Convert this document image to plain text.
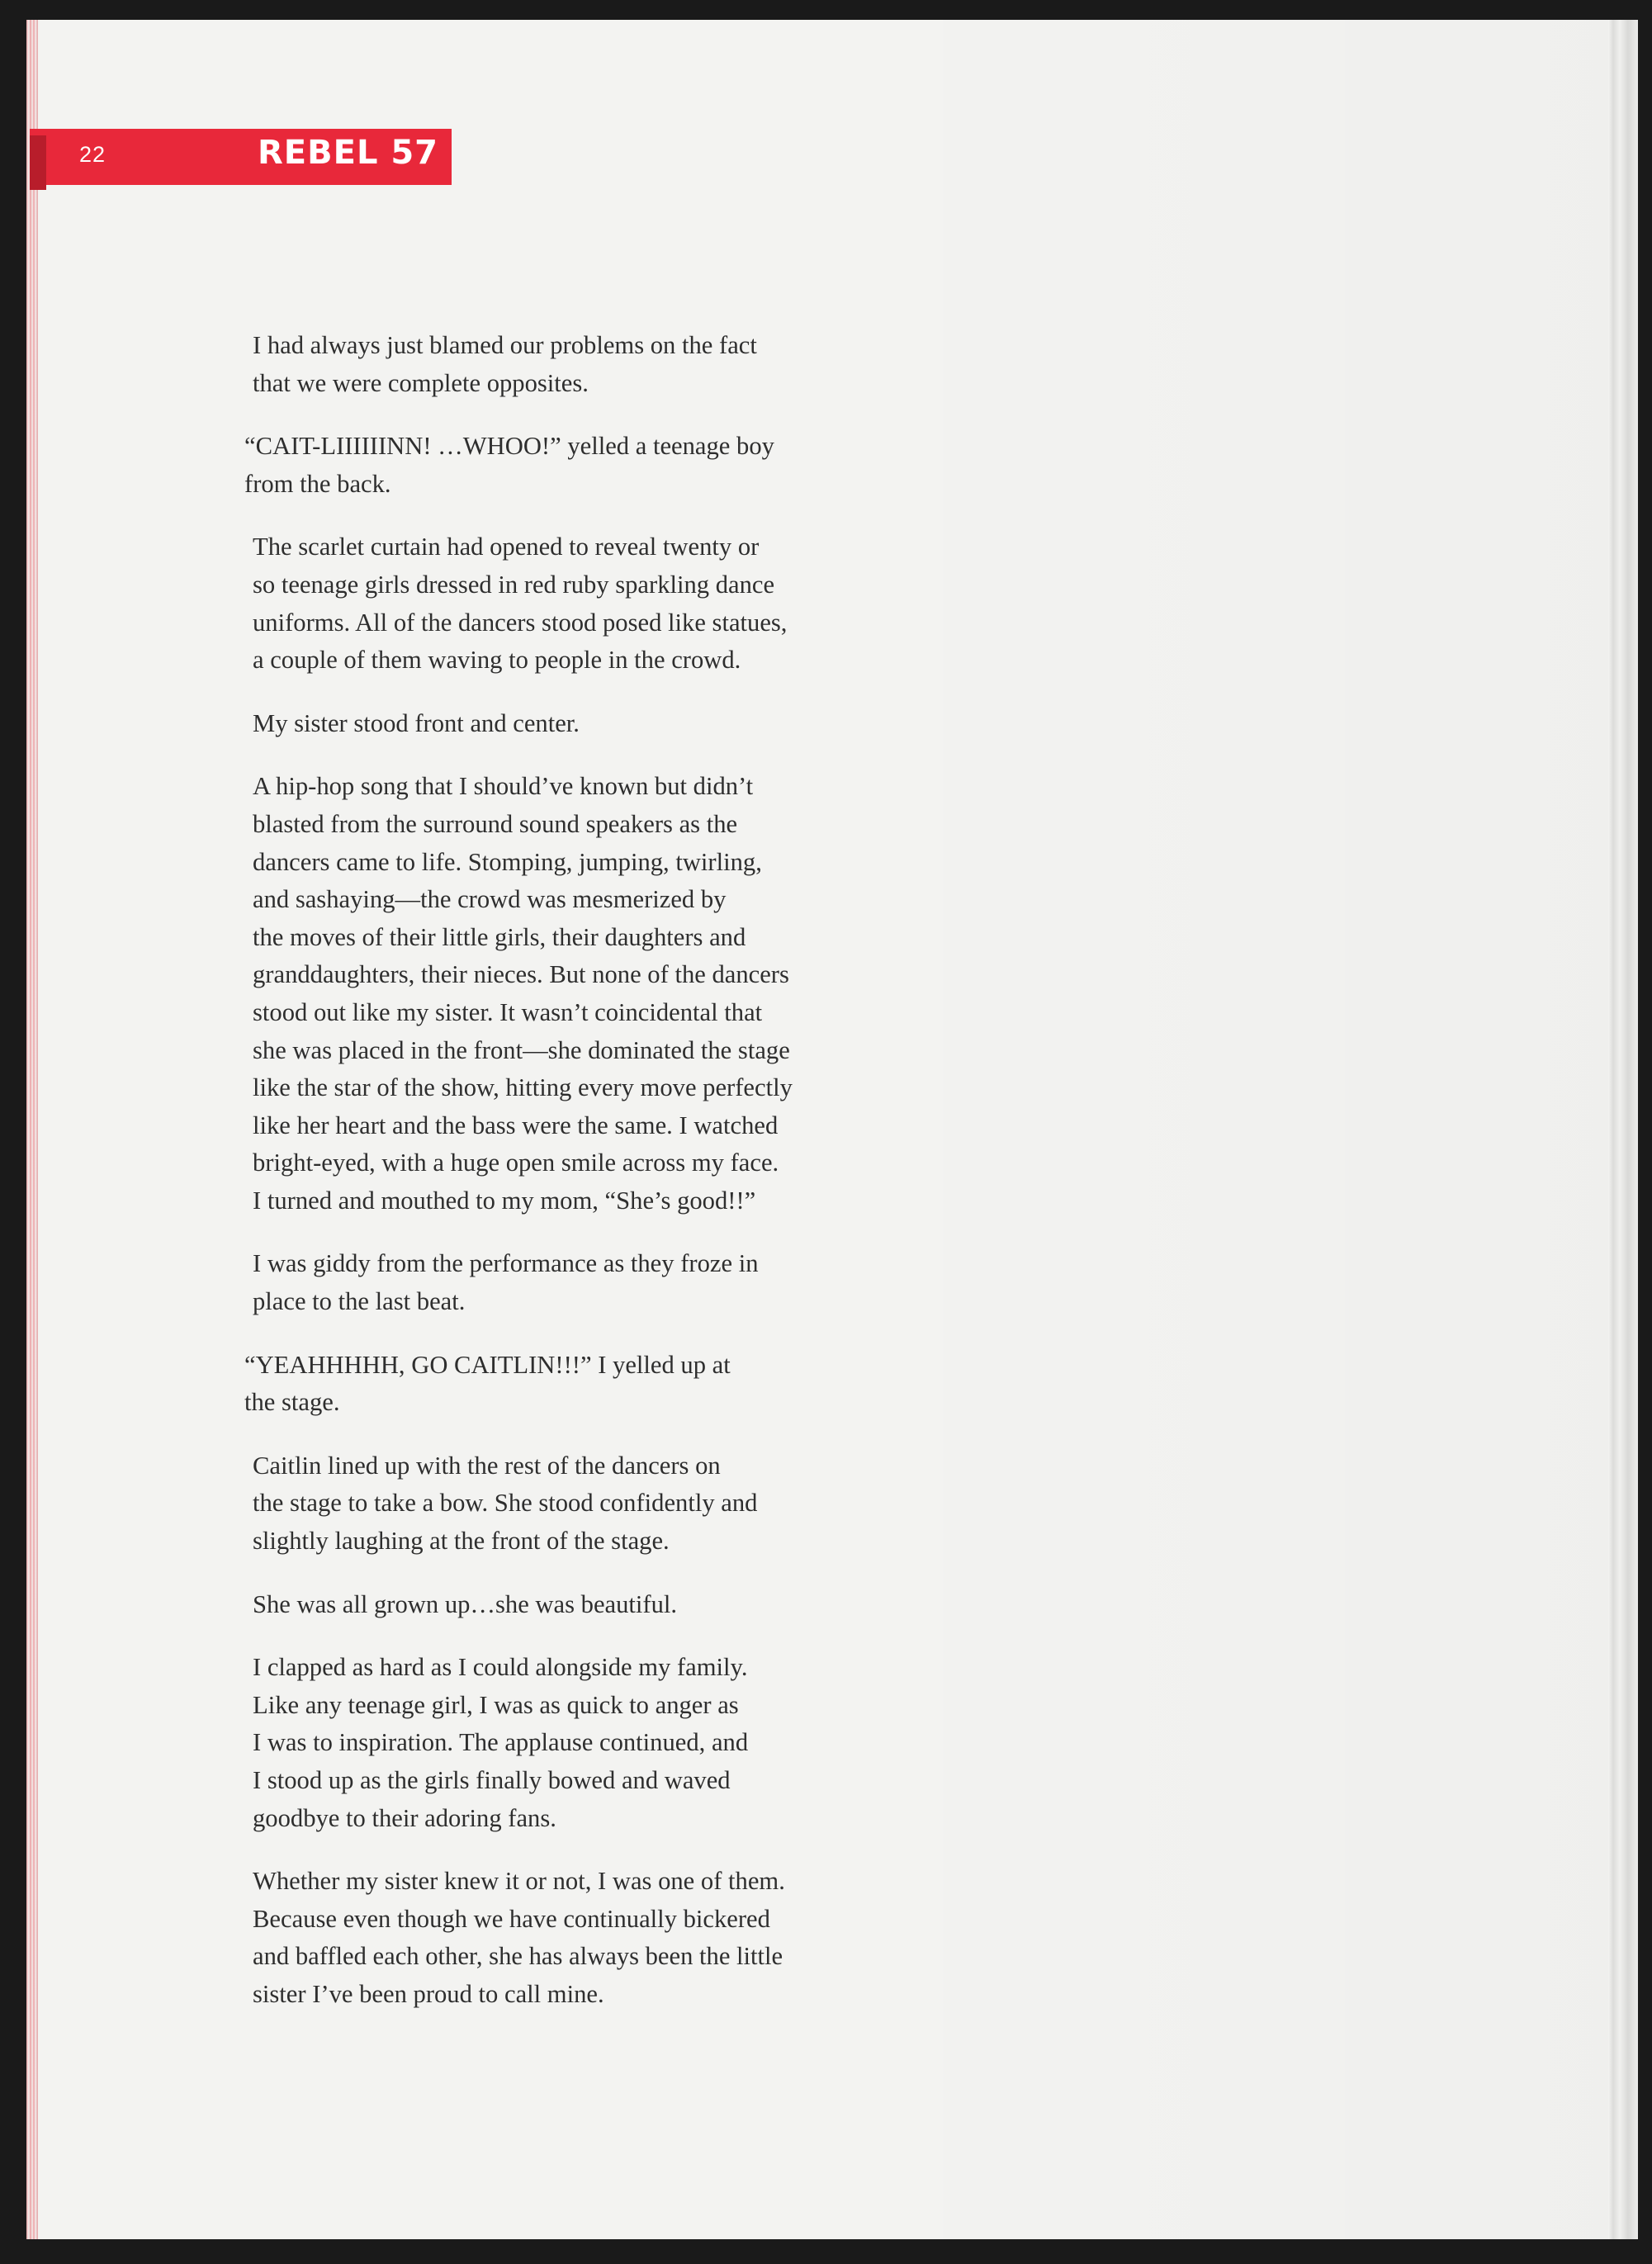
22	REBEL 57

I had always just blamed our problems on the fact
that we were complete opposites.

“CAIT-LIIIIIINN! …WHOO!” yelled a teenage boy
from the back.

The scarlet curtain had opened to reveal twenty or
so teenage girls dressed in red ruby sparkling dance
uniforms. All of the dancers stood posed like statues,
a couple of them waving to people in the crowd.

My sister stood front and center.

A hip-hop song that I should’ve known but didn’t
blasted from the surround sound speakers as the
dancers came to life. Stomping, jumping, twirling,
and sashaying—the crowd was mesmerized by
the moves of their little girls, their daughters and
granddaughters, their nieces. But none of the dancers
stood out like my sister. It wasn’t coincidental that
she was placed in the front—she dominated the stage
like the star of the show, hitting every move perfectly
like her heart and the bass were the same. I watched
bright-eyed, with a huge open smile across my face.
I turned and mouthed to my mom, “She’s good!!”

I was giddy from the performance as they froze in
place to the last beat.

“YEAHHHHH, GO CAITLIN!!!” I yelled up at
the stage.

Caitlin lined up with the rest of the dancers on
the stage to take a bow. She stood confidently and
slightly laughing at the front of the stage.

She was all grown up…she was beautiful.

I clapped as hard as I could alongside my family.
Like any teenage girl, I was as quick to anger as
I was to inspiration. The applause continued, and
I stood up as the girls finally bowed and waved
goodbye to their adoring fans.

Whether my sister knew it or not, I was one of them.
Because even though we have continually bickered
and baffled each other, she has always been the little
sister I’ve been proud to call mine.
